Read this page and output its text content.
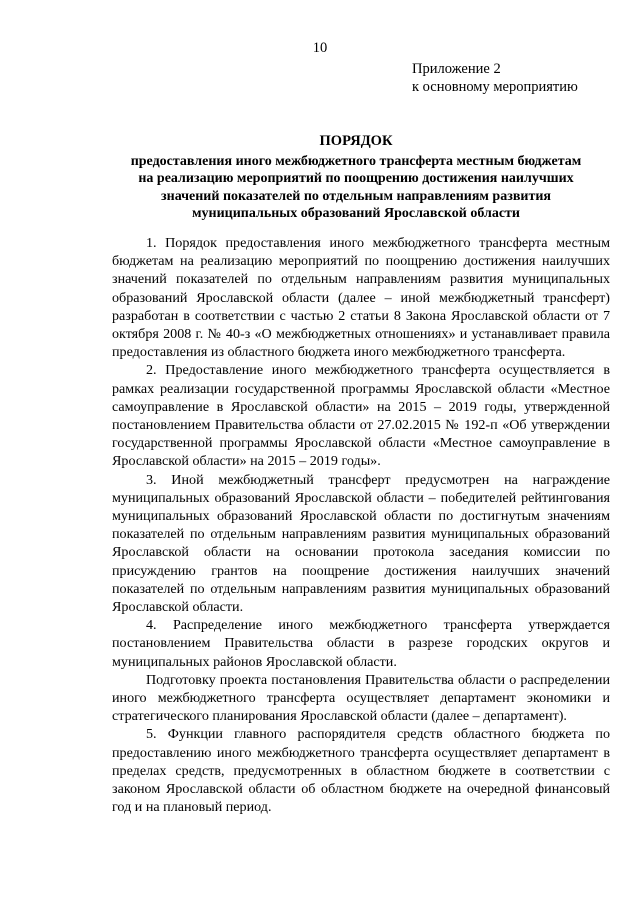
10
Приложение 2
к основному мероприятию
ПОРЯДОК
предоставления иного межбюджетного трансферта местным бюджетам
на реализацию мероприятий по поощрению достижения наилучших
значений показателей по отдельным направлениям развития
муниципальных образований Ярославской области

1. Порядок предоставления иного межбюджетного трансферта местным бюджетам на реализацию мероприятий по поощрению достижения наилучших значений показателей по отдельным направлениям развития муниципальных образований Ярославской области (далее – иной межбюджетный трансферт) разработан в соответствии с частью 2 статьи 8 Закона Ярославской области от 7 октября 2008 г. № 40-з «О межбюджетных отношениях» и устанавливает правила предоставления из областного бюджета иного межбюджетного трансферта.

2. Предоставление иного межбюджетного трансферта осуществляется в рамках реализации государственной программы Ярославской области «Местное самоуправление в Ярославской области» на 2015 – 2019 годы, утвержденной постановлением Правительства области от 27.02.2015 № 192-п «Об утверждении государственной программы Ярославской области «Местное самоуправление в Ярославской области» на 2015 – 2019 годы».

3. Иной межбюджетный трансферт предусмотрен на награждение муниципальных образований Ярославской области – победителей рейтингования муниципальных образований Ярославской области по достигнутым значениям показателей по отдельным направлениям развития муниципальных образований Ярославской области на основании протокола заседания комиссии по присуждению грантов на поощрение достижения наилучших значений показателей по отдельным направлениям развития муниципальных образований Ярославской области.

4. Распределение иного межбюджетного трансферта утверждается постановлением Правительства области в разрезе городских округов и муниципальных районов Ярославской области.

Подготовку проекта постановления Правительства области о распределении иного межбюджетного трансферта осуществляет департамент экономики и стратегического планирования Ярославской области (далее – департамент).

5. Функции главного распорядителя средств областного бюджета по предоставлению иного межбюджетного трансферта осуществляет департамент в пределах средств, предусмотренных в областном бюджете в соответствии с законом Ярославской области об областном бюджете на очередной финансовый год и на плановый период.
